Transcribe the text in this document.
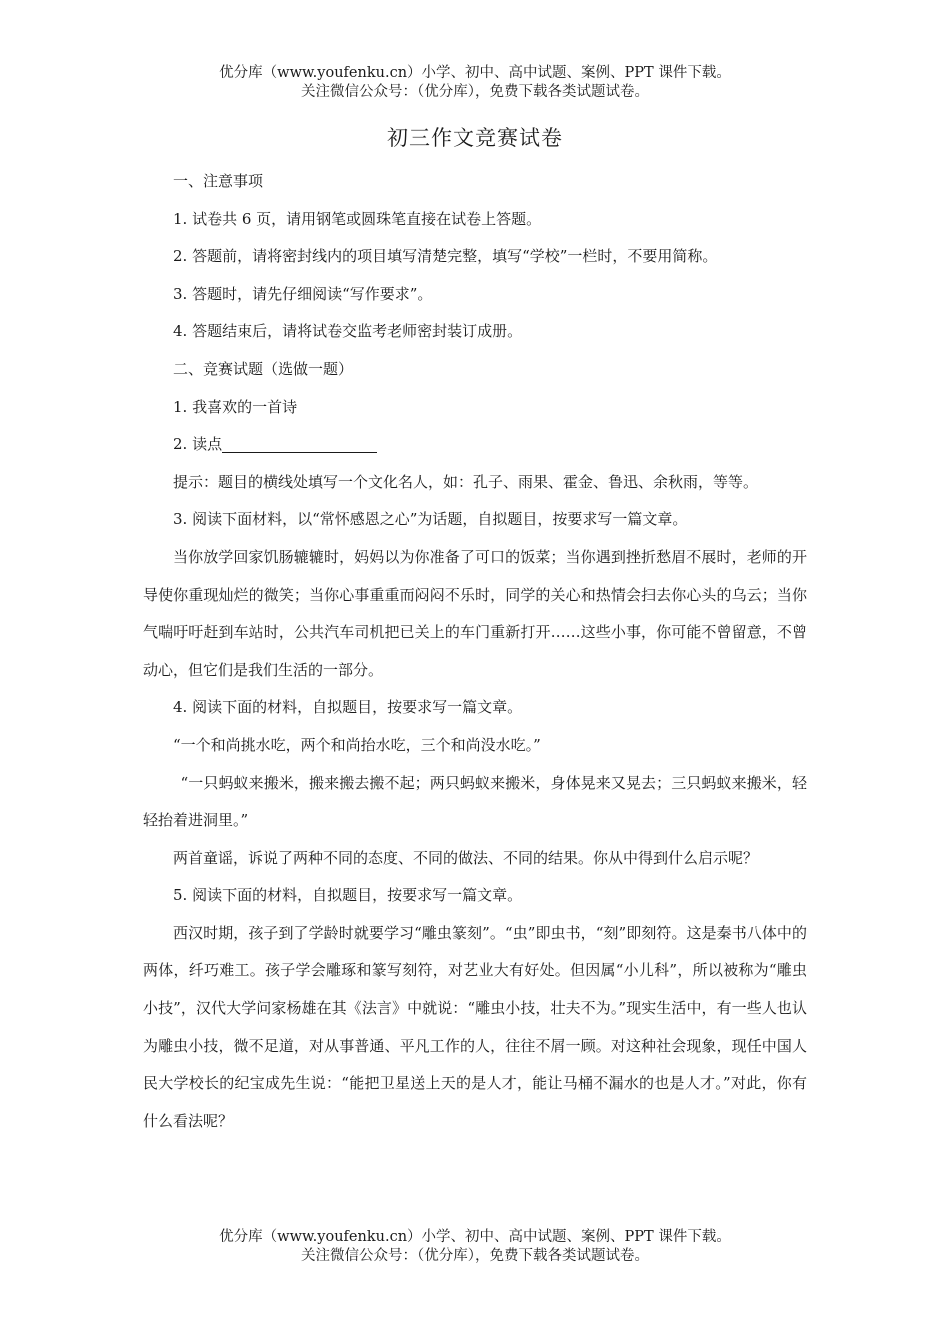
优分库（www.youfenku.cn）小学、初中、高中试题、案例、PPT 课件下载。
关注微信公众号：（优分库），免费下载各类试题试卷。
初三作文竞赛试卷

一、注意事项

1. 试卷共 6 页，请用钢笔或圆珠笔直接在试卷上答题。

2. 答题前，请将密封线内的项目填写清楚完整，填写“学校”一栏时，不要用简称。

3. 答题时，请先仔细阅读“写作要求”。

4. 答题结束后，请将试卷交监考老师密封装订成册。

二、竞赛试题（选做一题）

1. 我喜欢的一首诗

2. 读点

提示：题目的横线处填写一个文化名人，如：孔子、雨果、霍金、鲁迅、余秋雨，等等。

3. 阅读下面材料，以“常怀感恩之心”为话题，自拟题目，按要求写一篇文章。

当你放学回家饥肠辘辘时，妈妈以为你准备了可口的饭菜；当你遇到挫折愁眉不展时，老师的开导使你重现灿烂的微笑；当你心事重重而闷闷不乐时，同学的关心和热情会扫去你心头的乌云；当你气喘吁吁赶到车站时，公共汽车司机把已关上的车门重新打开……这些小事，你可能不曾留意，不曾动心，但它们是我们生活的一部分。

4. 阅读下面的材料，自拟题目，按要求写一篇文章。

“一个和尚挑水吃，两个和尚抬水吃，三个和尚没水吃。”

“一只蚂蚁来搬米，搬来搬去搬不起；两只蚂蚁来搬米，身体晃来又晃去；三只蚂蚁来搬米，轻轻抬着进洞里。”

两首童谣，诉说了两种不同的态度、不同的做法、不同的结果。你从中得到什么启示呢？

5. 阅读下面的材料，自拟题目，按要求写一篇文章。

西汉时期，孩子到了学龄时就要学习“雕虫篆刻”。“虫”即虫书，“刻”即刻符。这是秦书八体中的两体，纤巧难工。孩子学会雕琢和篆写刻符，对艺业大有好处。但因属“小儿科”，所以被称为“雕虫小技”，汉代大学问家杨雄在其《法言》中就说：“雕虫小技，壮夫不为。”现实生活中，有一些人也认为雕虫小技，微不足道，对从事普通、平凡工作的人，往往不屑一顾。对这种社会现象，现任中国人民大学校长的纪宝成先生说：“能把卫星送上天的是人才，能让马桶不漏水的也是人才。”对此，你有什么看法呢？

优分库（www.youfenku.cn）小学、初中、高中试题、案例、PPT 课件下载。
关注微信公众号：（优分库），免费下载各类试题试卷。
